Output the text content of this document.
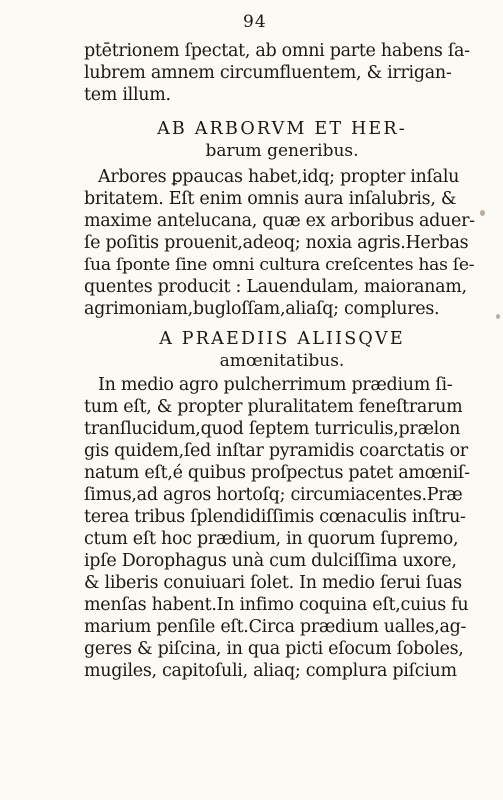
94
ptētrionem ſpectat, ab omni parte habens ſa-
lubrem amnem circumfluentem, & irrigan-
tem illum.
AB ARBORVM ET HER-
barum generibus.
Arbores ꝑpaucas habet,idq; propter inſalu
britatem. Eſt enim omnis aura inſalubris, &
maxime antelucana, quæ ex arboribus aduer-
ſe poſitis prouenit,adeoq; noxia agris.Herbas
ſua ſponte ſine omni cultura creſcentes has ſe-
quentes producit : Lauendulam, maioranam,
agrimoniam,bugloſſam,aliaſq; complures.
A PRAEDIIS ALIISQVE
amœnitatibus.
In medio agro pulcherrimum prædium ſi-
tum eſt, & propter pluralitatem feneſtrarum
tranſlucidum,quod ſeptem turriculis,prælon
gis quidem,ſed inſtar pyramidis coarctatis or
natum eſt,é quibus proſpectus patet amœniſ-
ſimus,ad agros hortoſq; circumiacentes.Præ
terea tribus ſplendidiſſimis cœnaculis inſtru-
ctum eſt hoc prædium, in quorum ſupremo,
ipſe Dorophagus unà cum dulciſſima uxore,
& liberis conuiuari ſolet. In medio ſerui ſuas
menſas habent.In infimo coquina eſt,cuius fu
marium penſile eſt.Circa prædium ualles,ag-
geres & piſcina, in qua picti eſocum ſoboles,
mugiles, capitoſuli, aliaq; complura piſcium
